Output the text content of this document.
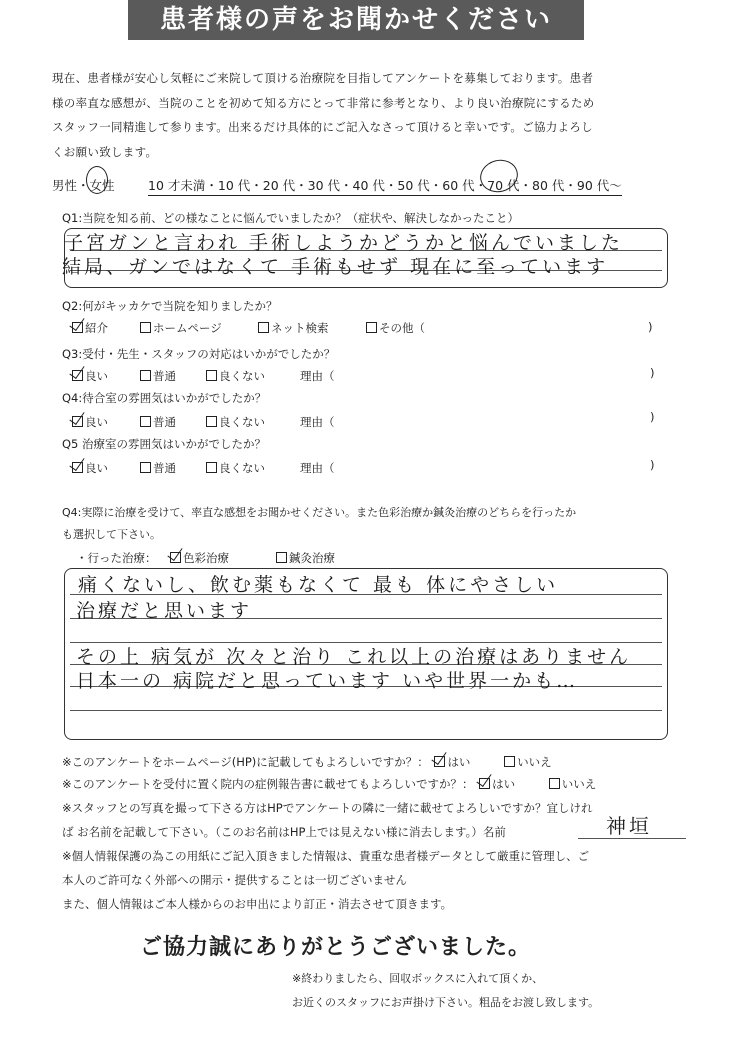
患者様の声をお聞かせください
現在、患者様が安心し気軽にご来院して頂ける治療院を目指してアンケートを募集しております。患者
様の率直な感想が、当院のことを初めて知る方にとって非常に参考となり、より良い治療院にするため
スタッフ一同精進して参ります。出来るだけ具体的にご記入なさって頂けると幸いです。ご協力よろし
くお願い致します。
男性・女性	10 才未満・10 代・20 代・30 代・40 代・50 代・60 代・70 代・80 代・90 代～
Q1:当院を知る前、どの様なことに悩んでいましたか？（症状や、解決しなかったこと）
子宮ガンと言われ 手術しようかどうかと悩んでいました
結局、ガンではなくて 手術もせず 現在に至っています
Q2:何がキッカケで当院を知りましたか？
紹介	ホームページ	ネット検索	その他（	)
Q3:受付・先生・スタッフの対応はいかがでしたか？
良い	普通	良くない	理由（	)
Q4:待合室の雰囲気はいかがでしたか？
良い	普通	良くない	理由（	)
Q5 治療室の雰囲気はいかがでしたか？
良い	普通	良くない	理由（	)
Q4:実際に治療を受けて、率直な感想をお聞かせください。また色彩治療か鍼灸治療のどちらを行ったか
も選択して下さい。
・行った治療：	色彩治療	鍼灸治療
痛くないし、飲む薬もなくて 最も 体にやさしい
治療だと思います
その上 病気が 次々と治り これ以上の治療はありません
日本一の 病院だと思っています いや世界一かも…
※このアンケートをホームページ(HP)に記載してもよろしいですか？： はい	いいえ
※このアンケートを受付に置く院内の症例報告書に載せてもよろしいですか？： はい	いいえ
※スタッフとの写真を撮って下さる方はHPでアンケートの隣に一緒に載せてよろしいですか？宜しけれ
ば お名前を記載して下さい。（このお名前はHP上では見えない様に消去します。）名前	神垣
※個人情報保護の為この用紙にご記入頂きました情報は、貴重な患者様データとして厳重に管理し、ご
本人のご許可なく外部への開示・提供することは一切ございません
また、個人情報はご本人様からのお申出により訂正・消去させて頂きます。
ご協力誠にありがとうございました。
※終わりましたら、回収ボックスに入れて頂くか、
お近くのスタッフにお声掛け下さい。粗品をお渡し致します。
